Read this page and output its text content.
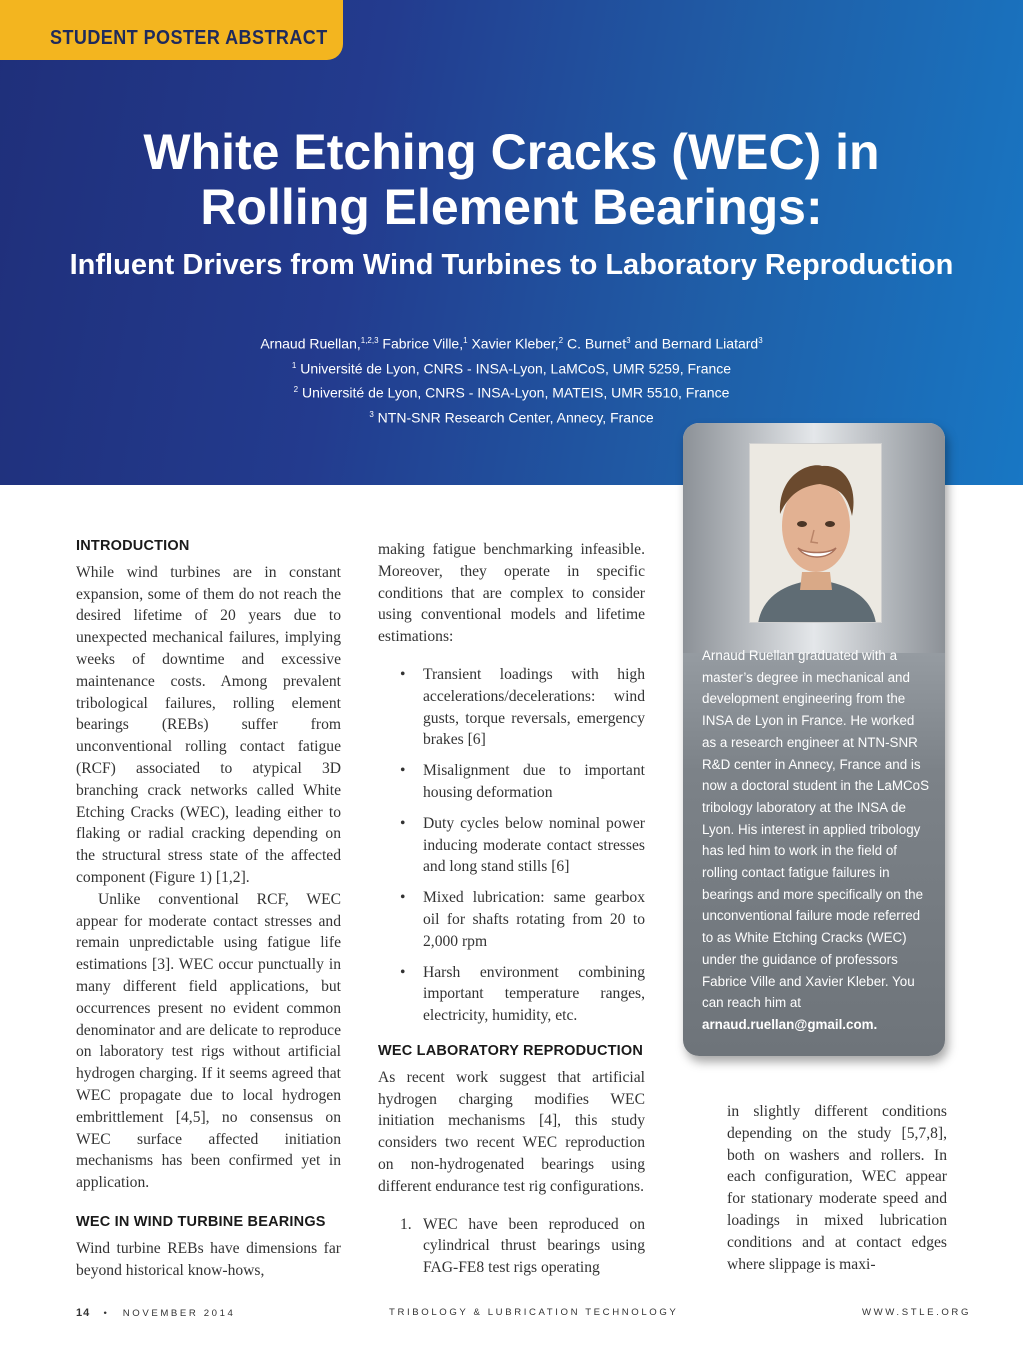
STUDENT POSTER ABSTRACT
White Etching Cracks (WEC) in
Rolling Element Bearings:
Influent Drivers from Wind Turbines to Laboratory Reproduction
Arnaud Ruellan,$^{1,2,3}$ Fabrice Ville,$^1$ Xavier Kleber,$^2$ C. Burnet$^3$ and Bernard Liatard$^3$
$^1$ Université de Lyon, CNRS - INSA-Lyon, LaMCoS, UMR 5259, France
$^2$ Université de Lyon, CNRS - INSA-Lyon, MATEIS, UMR 5510, France
$^3$ NTN-SNR Research Center, Annecy, France
Arnaud Ruellan graduated with a master’s degree in mechanical and development engineering from the INSA de Lyon in France. He worked as a research engineer at NTN-SNR R&D center in Annecy, France and is now a doctoral student in the LaMCoS tribology laboratory at the INSA de Lyon. His interest in applied tribology has led him to work in the field of rolling contact fatigue failures in bearings and more specifically on the unconventional failure mode referred to as White Etching Cracks (WEC) under the guidance of professors Fabrice Ville and Xavier Kleber. You can reach him at arnaud.ruellan@gmail.com.
INTRODUCTION

While wind turbines are in constant expansion, some of them do not reach the desired lifetime of 20 years due to unexpected mechanical failures, implying weeks of downtime and excessive maintenance costs. Among prevalent tribological failures, rolling element bearings (REBs) suffer from unconventional rolling contact fatigue (RCF) associated to atypical 3D branching crack networks called White Etching Cracks (WEC), leading either to flaking or radial cracking depending on the structural stress state of the affected component (Figure 1) [1,2].

Unlike conventional RCF, WEC appear for moderate contact stresses and remain unpredictable using fatigue life estimations [3]. WEC occur punctually in many different field applications, but occurrences present no evident common denominator and are delicate to reproduce on laboratory test rigs without artificial hydrogen charging. If it seems agreed that WEC propagate due to local hydrogen embrittlement [4,5], no consensus on WEC surface affected initiation mechanisms has been confirmed yet in application.

WEC IN WIND TURBINE BEARINGS

Wind turbine REBs have dimensions far beyond historical know-hows,

making fatigue benchmarking infeasible. Moreover, they operate in specific conditions that are complex to consider using conventional models and lifetime estimations:

• Transient loadings with high accelerations/decelerations: wind gusts, torque reversals, emergency brakes [6]
• Misalignment due to important housing deformation
• Duty cycles below nominal power inducing moderate contact stresses and long stand stills [6]
• Mixed lubrication: same gearbox oil for shafts rotating from 20 to 2,000 rpm
• Harsh environment combining important temperature ranges, electricity, humidity, etc.
WEC LABORATORY REPRODUCTION

As recent work suggest that artificial hydrogen charging modifies WEC initiation mechanisms [4], this study considers two recent WEC reproduction on non-hydrogenated bearings using different endurance test rig configurations.

1. WEC have been reproduced on cylindrical thrust bearings using FAG-FE8 test rigs operating

in slightly different conditions depending on the study [5,7,8], both on washers and rollers. In each configuration, WEC appear for stationary moderate speed and loadings in mixed lubrication conditions and at contact edges where slippage is maxi-

14 • NOVEMBER 2014	TRIBOLOGY & LUBRICATION TECHNOLOGY	WWW.STLE.ORG
